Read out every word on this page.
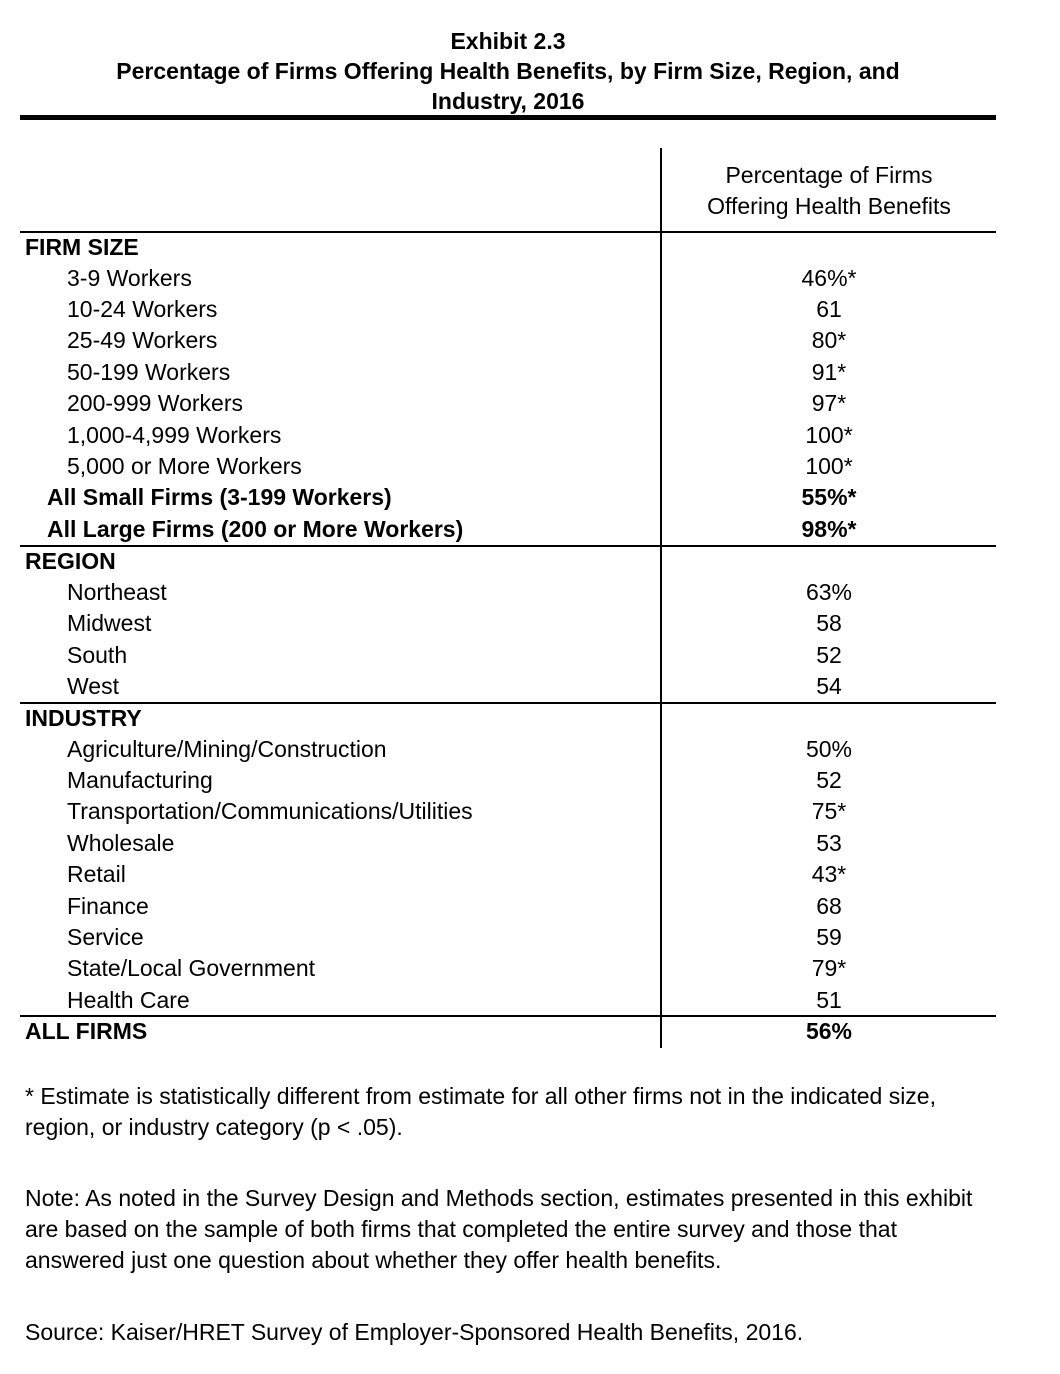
Exhibit 2.3
Percentage of Firms Offering Health Benefits, by Firm Size, Region, and
Industry, 2016
Percentage of Firms
Offering Health Benefits
FIRM SIZE
3-9 Workers	46%*
10-24 Workers	61
25-49 Workers	80*
50-199 Workers	91*
200-999 Workers	97*
1,000-4,999 Workers	100*
5,000 or More Workers	100*
All Small Firms (3-199 Workers)	55%*
All Large Firms (200 or More Workers)	98%*
REGION
Northeast	63%
Midwest	58
South	52
West	54
INDUSTRY
Agriculture/Mining/Construction	50%
Manufacturing	52
Transportation/Communications/Utilities	75*
Wholesale	53
Retail	43*
Finance	68
Service	59
State/Local Government	79*
Health Care	51
ALL FIRMS	56%
* Estimate is statistically different from estimate for all other firms not in the indicated size, region, or industry category (p < .05).
Note: As noted in the Survey Design and Methods section, estimates presented in this exhibit are based on the sample of both firms that completed the entire survey and those that answered just one question about whether they offer health benefits.
Source: Kaiser/HRET Survey of Employer-Sponsored Health Benefits, 2016.
